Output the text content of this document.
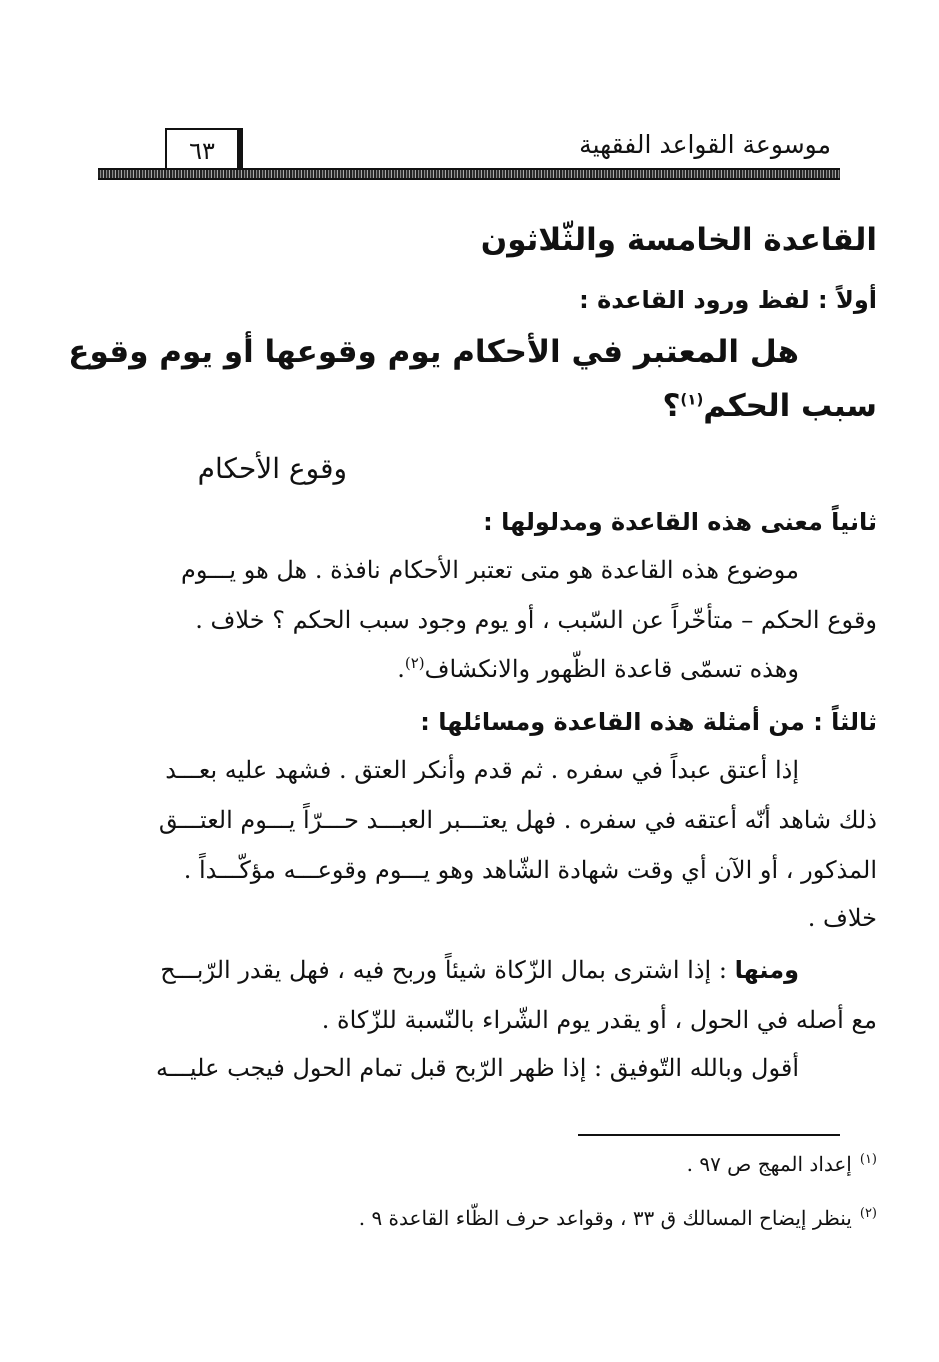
موسوعة القواعد الفقهية
٦٣
القاعدة الخامسة والثّلاثون
أولاً : لفظ ورود القاعدة :
هل المعتبر في الأحكام يوم وقوعها أو يوم وقوع
سبب الحكم$^{(١)}$؟
وقوع الأحكام
ثانياً معنى هذه القاعدة ومدلولها :
موضوع هذه القاعدة هو متى تعتبر الأحكام نافذة . هل هو يـــوم
وقوع الحكم – متأخّراً عن السّبب ، أو يوم وجود سبب الحكم ؟ خلاف .
وهذه تسمّى قاعدة الظّهور والانكشاف$^{(٢)}$.
ثالثاً : من أمثلة هذه القاعدة ومسائلها :
إذا أعتق عبداً في سفره . ثم قدم وأنكر العتق . فشهد عليه بعـــد
ذلك شاهد أنّه أعتقه في سفره . فهل يعتـــبر العبـــد حـــرّاً يـــوم العتـــق
المذكور ، أو الآن أي وقت شهادة الشّاهد وهو يـــوم وقوعـــه مؤكّـــداً .
خلاف .
ومنها : إذا اشترى بمال الزّكاة شيئاً وربح فيه ، فهل يقدر الرّبـــح
مع أصله في الحول ، أو يقدر يوم الشّراء بالنّسبة للزّكاة .
أقول وبالله التّوفيق : إذا ظهر الرّبح قبل تمام الحول فيجب عليـــه
$^{(١)}$إعداد المهج ص ٩٧ .
$^{(٢)}$ينظر إيضاح المسالك ق ٣٣ ، وقواعد حرف الظّاء القاعدة ٩ .
